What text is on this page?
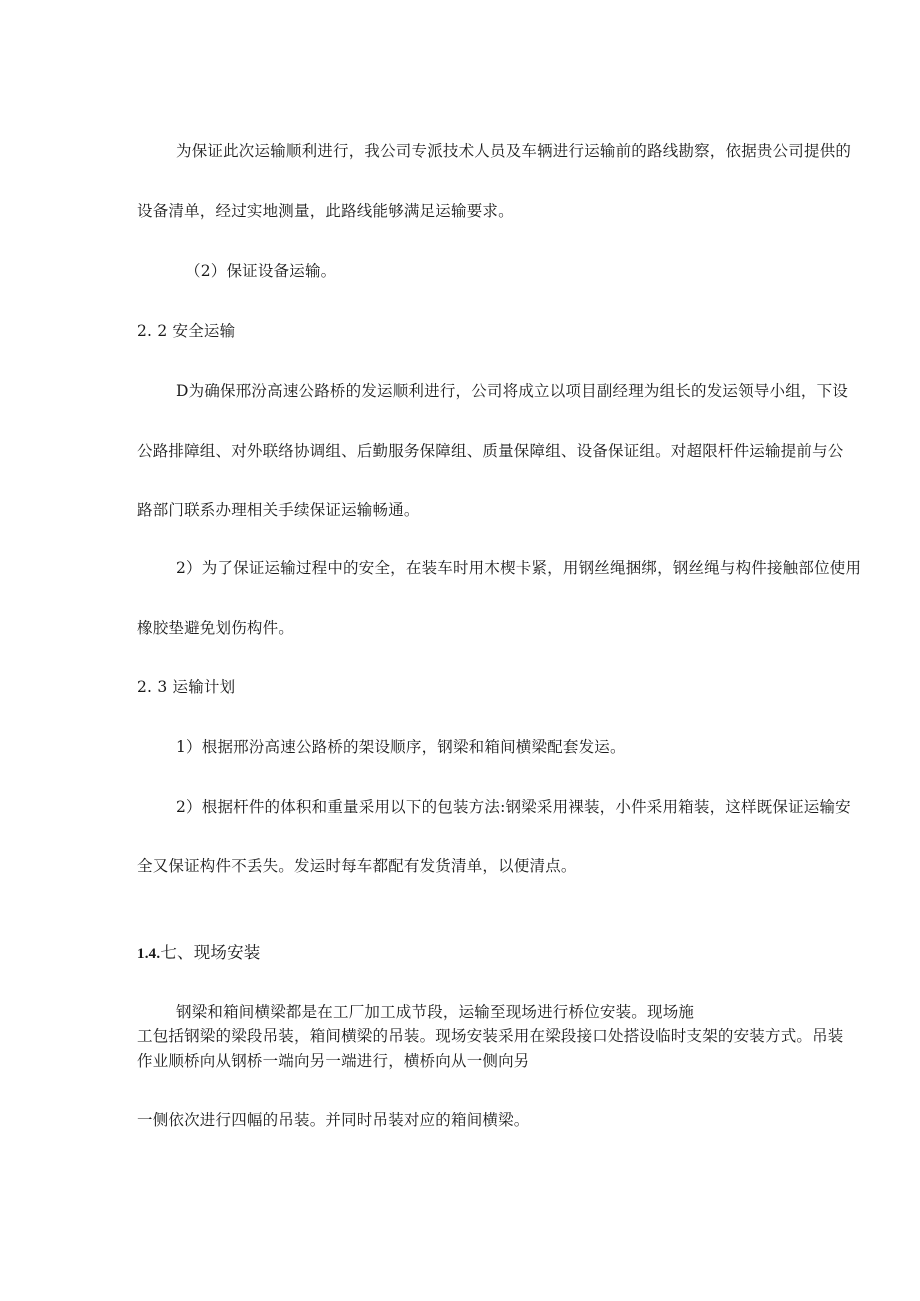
为保证此次运输顺利进行，我公司专派技术人员及车辆进行运输前的路线勘察，依据贵公司提供的
设备清单，经过实地测量，此路线能够满足运输要求。
（2）保证设备运输。
2. 2 安全运输
D为确保邢汾高速公路桥的发运顺利进行，公司将成立以项目副经理为组长的发运领导小组，下设
公路排障组、对外联络协调组、后勤服务保障组、质量保障组、设备保证组。对超限杆件运输提前与公
路部门联系办理相关手续保证运输畅通。
2）为了保证运输过程中的安全，在装车时用木楔卡紧，用钢丝绳捆绑，钢丝绳与构件接触部位使用
橡胶垫避免划伤构件。
2. 3 运输计划
1）根据邢汾高速公路桥的架设顺序，钢梁和箱间横梁配套发运。
2）根据杆件的体积和重量采用以下的包装方法:钢梁采用裸装，小件采用箱装，这样既保证运输安
全又保证构件不丢失。发运时每车都配有发货清单，以便清点。
1.4.七、现场安装
钢梁和箱间横梁都是在工厂加工成节段，运输至现场进行桥位安装。现场施
工包括钢梁的梁段吊装，箱间横梁的吊装。现场安装采用在梁段接口处搭设临时支架的安装方式。吊装
作业顺桥向从钢桥一端向另一端进行，横桥向从一侧向另
一侧依次进行四幅的吊装。并同时吊装对应的箱间横梁。
